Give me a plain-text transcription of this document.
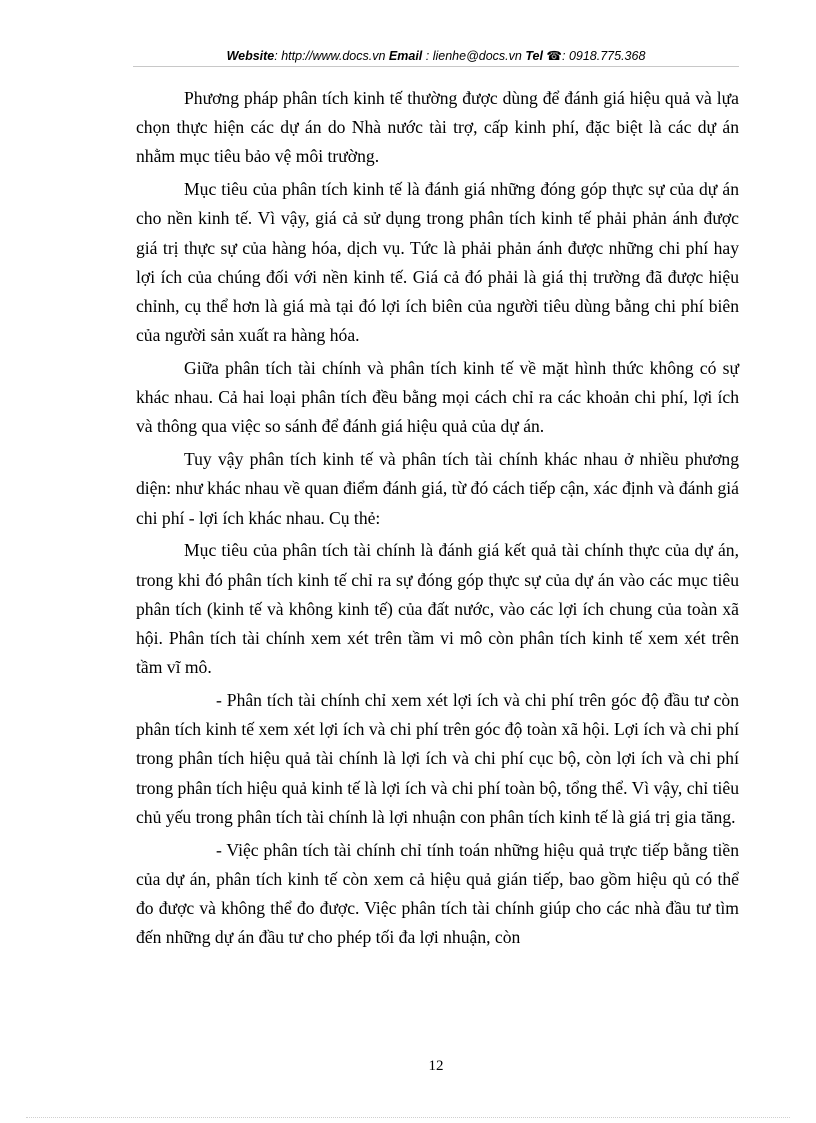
Website: http://www.docs.vn Email : lienhe@docs.vn Tel ☎: 0918.775.368

Phương pháp phân tích kinh tế thường được dùng để đánh giá hiệu quả và lựa chọn thực hiện các dự án do Nhà nước tài trợ, cấp kinh phí, đặc biệt là các dự án nhằm mục tiêu bảo vệ môi trường.

Mục tiêu của phân tích kinh tế là đánh giá những đóng góp thực sự của dự án cho nền kinh tế. Vì vậy, giá cả sử dụng trong phân tích kinh tế phải phản ánh được giá trị thực sự của hàng hóa, dịch vụ. Tức là phải phản ánh được những chi phí hay lợi ích của chúng đối với nền kinh tế. Giá cả đó phải là giá thị trường đã được hiệu chỉnh, cụ thể hơn là giá mà tại đó lợi ích biên của người tiêu dùng bằng chi phí biên của người sản xuất ra hàng hóa.

Giữa phân tích tài chính và phân tích kinh tế về mặt hình thức không có sự khác nhau. Cả hai loại phân tích đều bằng mọi cách chỉ ra các khoản chi phí, lợi ích và thông qua việc so sánh để đánh giá hiệu quả của dự án.

Tuy vậy phân tích kinh tế và phân tích tài chính khác nhau ở nhiều phương diện: như khác nhau về quan điểm đánh giá, từ đó cách tiếp cận, xác định và đánh giá chi phí - lợi ích khác nhau. Cụ thẻ:

Mục tiêu của phân tích tài chính là đánh giá kết quả tài chính thực của dự án, trong khi đó phân tích kinh tế chỉ ra sự đóng góp thực sự của dự án vào các mục tiêu phân tích (kinh tế và không kinh tế) của đất nước, vào các lợi ích chung của toàn xã hội. Phân tích tài chính xem xét trên tầm vi mô còn phân tích kinh tế xem xét trên tầm vĩ mô.

- Phân tích tài chính chỉ xem xét lợi ích và chi phí trên góc độ đầu tư còn phân tích kinh tế xem xét lợi ích và chi phí trên góc độ toàn xã hội. Lợi ích và chi phí trong phân tích hiệu quả tài chính là lợi ích và chi phí cục bộ, còn lợi ích và chi phí trong phân tích hiệu quả kinh tế là lợi ích và chi phí toàn bộ, tổng thể. Vì vậy, chỉ tiêu chủ yếu trong phân tích tài chính là lợi nhuận con phân tích kinh tế là giá trị gia tăng.

- Việc phân tích tài chính chỉ tính toán những hiệu quả trực tiếp bằng tiền của dự án, phân tích kinh tế còn xem cả hiệu quả gián tiếp, bao gồm hiệu qủ có thể đo được và không thể đo được. Việc phân tích tài chính giúp cho các nhà đầu tư tìm đến những dự án đầu tư cho phép tối đa lợi nhuận, còn

12
